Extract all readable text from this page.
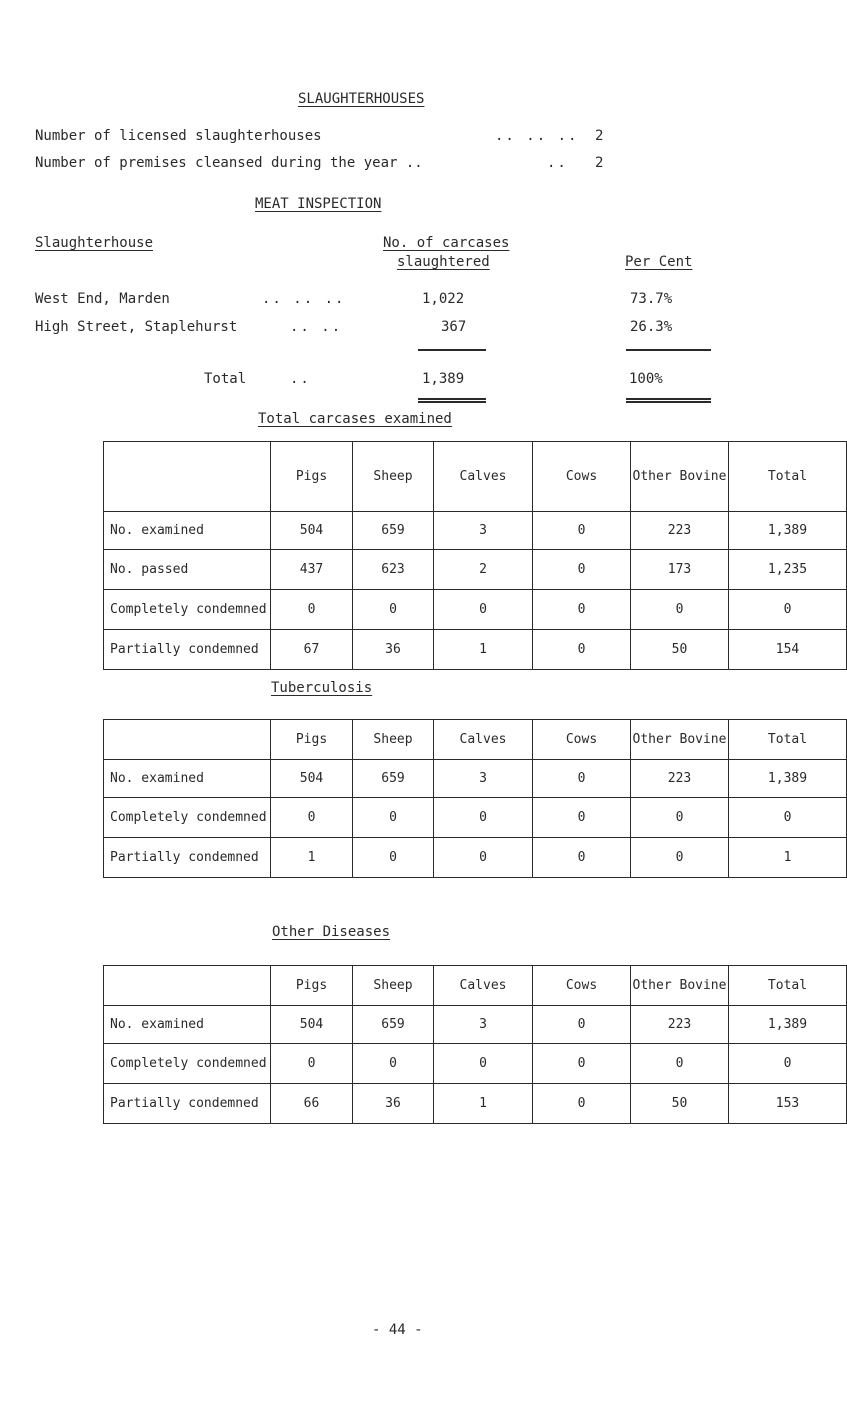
SLAUGHTERHOUSES
Number of licensed slaughterhouses	.. .. .. 2
Number of premises cleansed during the year ..	.. 2
MEAT INSPECTION
Slaughterhouse	No. of carcases
slaughtered	Per Cent
West End, Marden	.. .. ..	1,022	73.7%
High Street, Staplehurst	.. ..	367	26.3%
Total	..	1,389	100%
Total carcases examined
	Pigs	Sheep	Calves	Cows	Other Bovine	Total
No. examined	504	659	3	0	223	1,389
No. passed	437	623	2	0	173	1,235
Completely condemned	0	0	0	0	0	0
Partially condemned	67	36	1	0	50	154
Tuberculosis
	Pigs	Sheep	Calves	Cows	Other Bovine	Total
No. examined	504	659	3	0	223	1,389
Completely condemned	0	0	0	0	0	0
Partially condemned	1	0	0	0	0	1
Other Diseases
	Pigs	Sheep	Calves	Cows	Other Bovine	Total
No. examined	504	659	3	0	223	1,389
Completely condemned	0	0	0	0	0	0
Partially condemned	66	36	1	0	50	153
- 44 -
